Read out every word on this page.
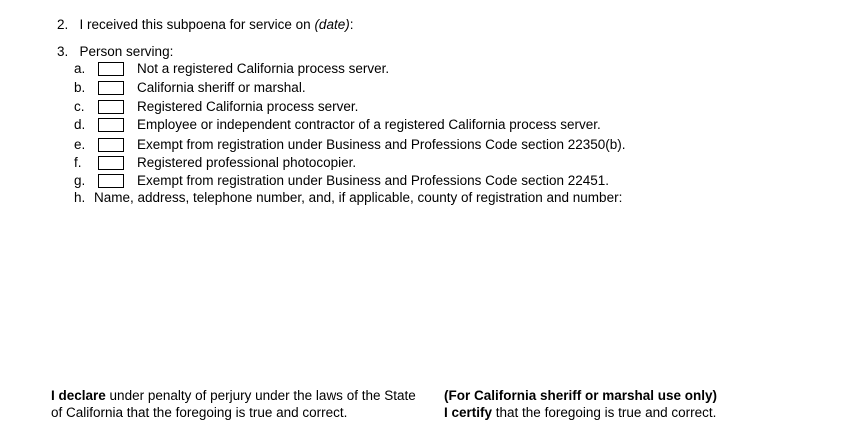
2. I received this subpoena for service on (date):
3. Person serving:
a.	Not a registered California process server.
b.	California sheriff or marshal.
c.	Registered California process server.
d.	Employee or independent contractor of a registered California process server.
e.	Exempt from registration under Business and Professions Code section 22350(b).
f.	Registered professional photocopier.
g.	Exempt from registration under Business and Professions Code section 22451.
h. Name, address, telephone number, and, if applicable, county of registration and number:
I declare under penalty of perjury under the laws of the State
of California that the foregoing is true and correct.
(For California sheriff or marshal use only)
I certify that the foregoing is true and correct.
